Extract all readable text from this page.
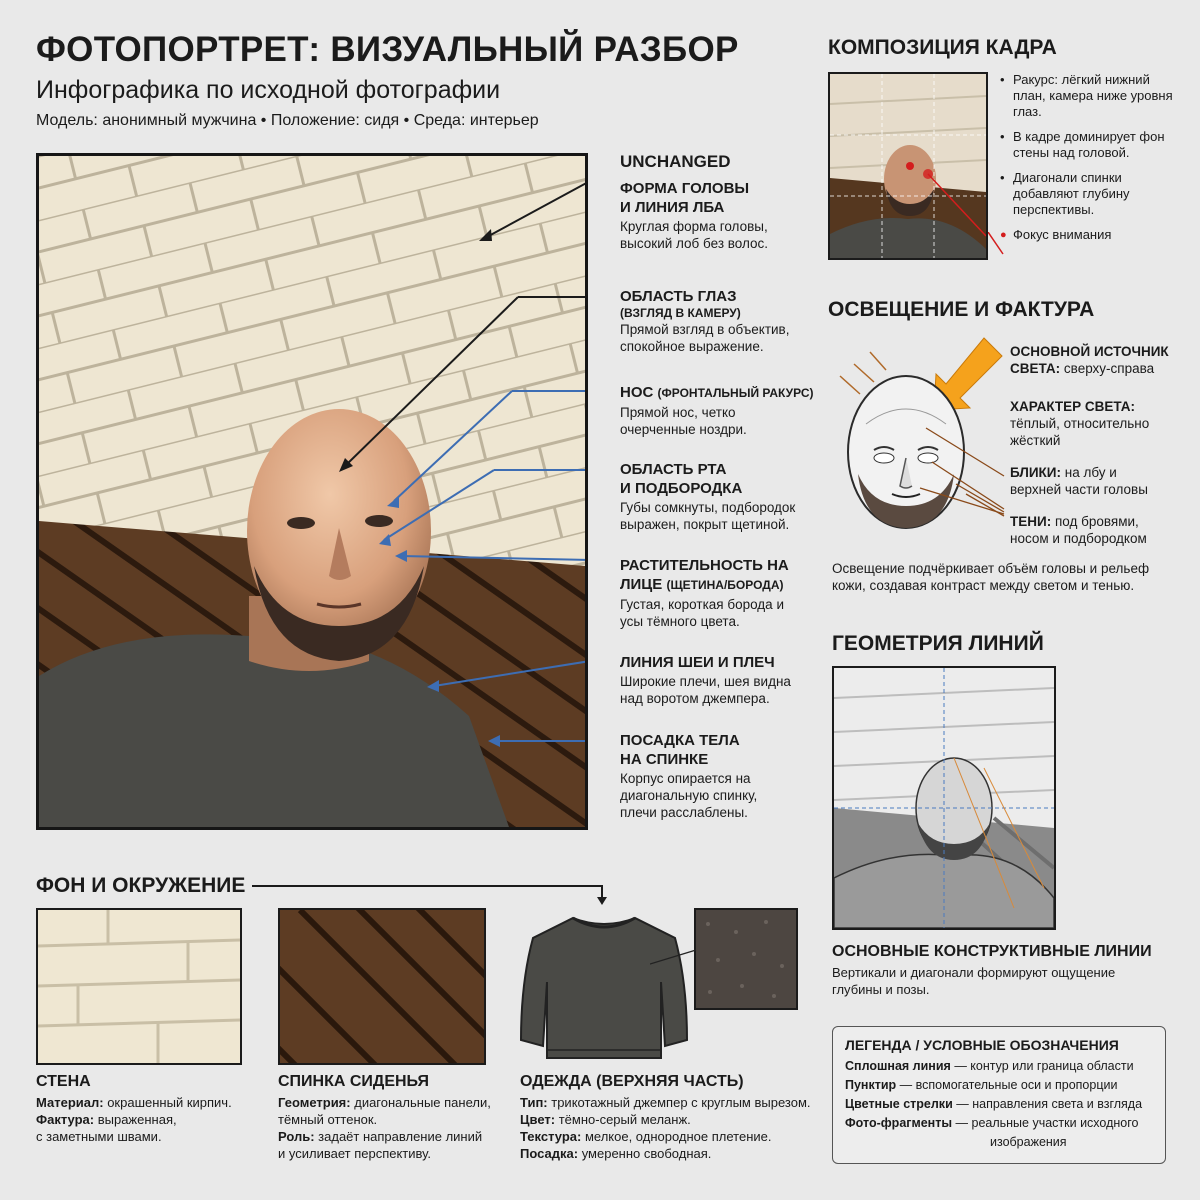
ФОТОПОРТРЕТ: ВИЗУАЛЬНЫЙ РАЗБОР
Инфографика по исходной фотографии
Модель: анонимный мужчина • Положение: сидя • Среда: интерьер
UNCHANGED
ФОРМА ГОЛОВЫ
И ЛИНИЯ ЛБА
Круглая форма головы,
высокий лоб без волос.
ОБЛАСТЬ ГЛАЗ
(ВЗГЛЯД В КАМЕРУ)
Прямой взгляд в объектив,
спокойное выражение.
НОС (ФРОНТАЛЬНЫЙ РАКУРС)
Прямой нос, четко
очерченные ноздри.
ОБЛАСТЬ РТА
И ПОДБОРОДКА
Губы сомкнуты, подбородок
выражен, покрыт щетиной.
РАСТИТЕЛЬНОСТЬ НА
ЛИЦЕ (ЩЕТИНА/БОРОДА)
Густая, короткая борода и
усы тёмного цвета.
ЛИНИЯ ШЕИ И ПЛЕЧ
Широкие плечи, шея видна
над воротом джемпера.
ПОСАДКА ТЕЛА
НА СПИНКЕ
Корпус опирается на
диагональную спинку,
плечи расслаблены.
КОМПОЗИЦИЯ КАДРА
• Ракурс: лёгкий нижний план, камера ниже уровня глаз.
• В кадре доминирует фон стены над головой.
• Диагонали спинки добавляют глубину перспективы.
● Фокус внимания
ОСВЕЩЕНИЕ И ФАКТУРА
ОСНОВНОЙ ИСТОЧНИК
СВЕТА: сверху-справа
ХАРАКТЕР СВЕТА:
тёплый, относительно
жёсткий
БЛИКИ: на лбу и
верхней части головы
ТЕНИ: под бровями,
носом и подбородком
Освещение подчёркивает объём головы и рельеф
кожи, создавая контраст между светом и тенью.
ГЕОМЕТРИЯ ЛИНИЙ
ОСНОВНЫЕ КОНСТРУКТИВНЫЕ ЛИНИИ
Вертикали и диагонали формируют ощущение
глубины и позы.
ФОН И ОКРУЖЕНИЕ
СТЕНА
Материал: окрашенный кирпич.
Фактура: выраженная,
с заметными швами.
СПИНКА СИДЕНЬЯ
Геометрия: диагональные панели,
тёмный оттенок.
Роль: задаёт направление линий
и усиливает перспективу.
ОДЕЖДА (ВЕРХНЯЯ ЧАСТЬ)
Тип: трикотажный джемпер с круглым вырезом.
Цвет: тёмно-серый меланж.
Текстура: мелкое, однородное плетение.
Посадка: умеренно свободная.
ЛЕГЕНДА / УСЛОВНЫЕ ОБОЗНАЧЕНИЯ
Сплошная линия — контур или граница области
Пунктир — вспомогательные оси и пропорции
Цветные стрелки — направления света и взгляда
Фото-фрагменты — реальные участки исходного
изображения
